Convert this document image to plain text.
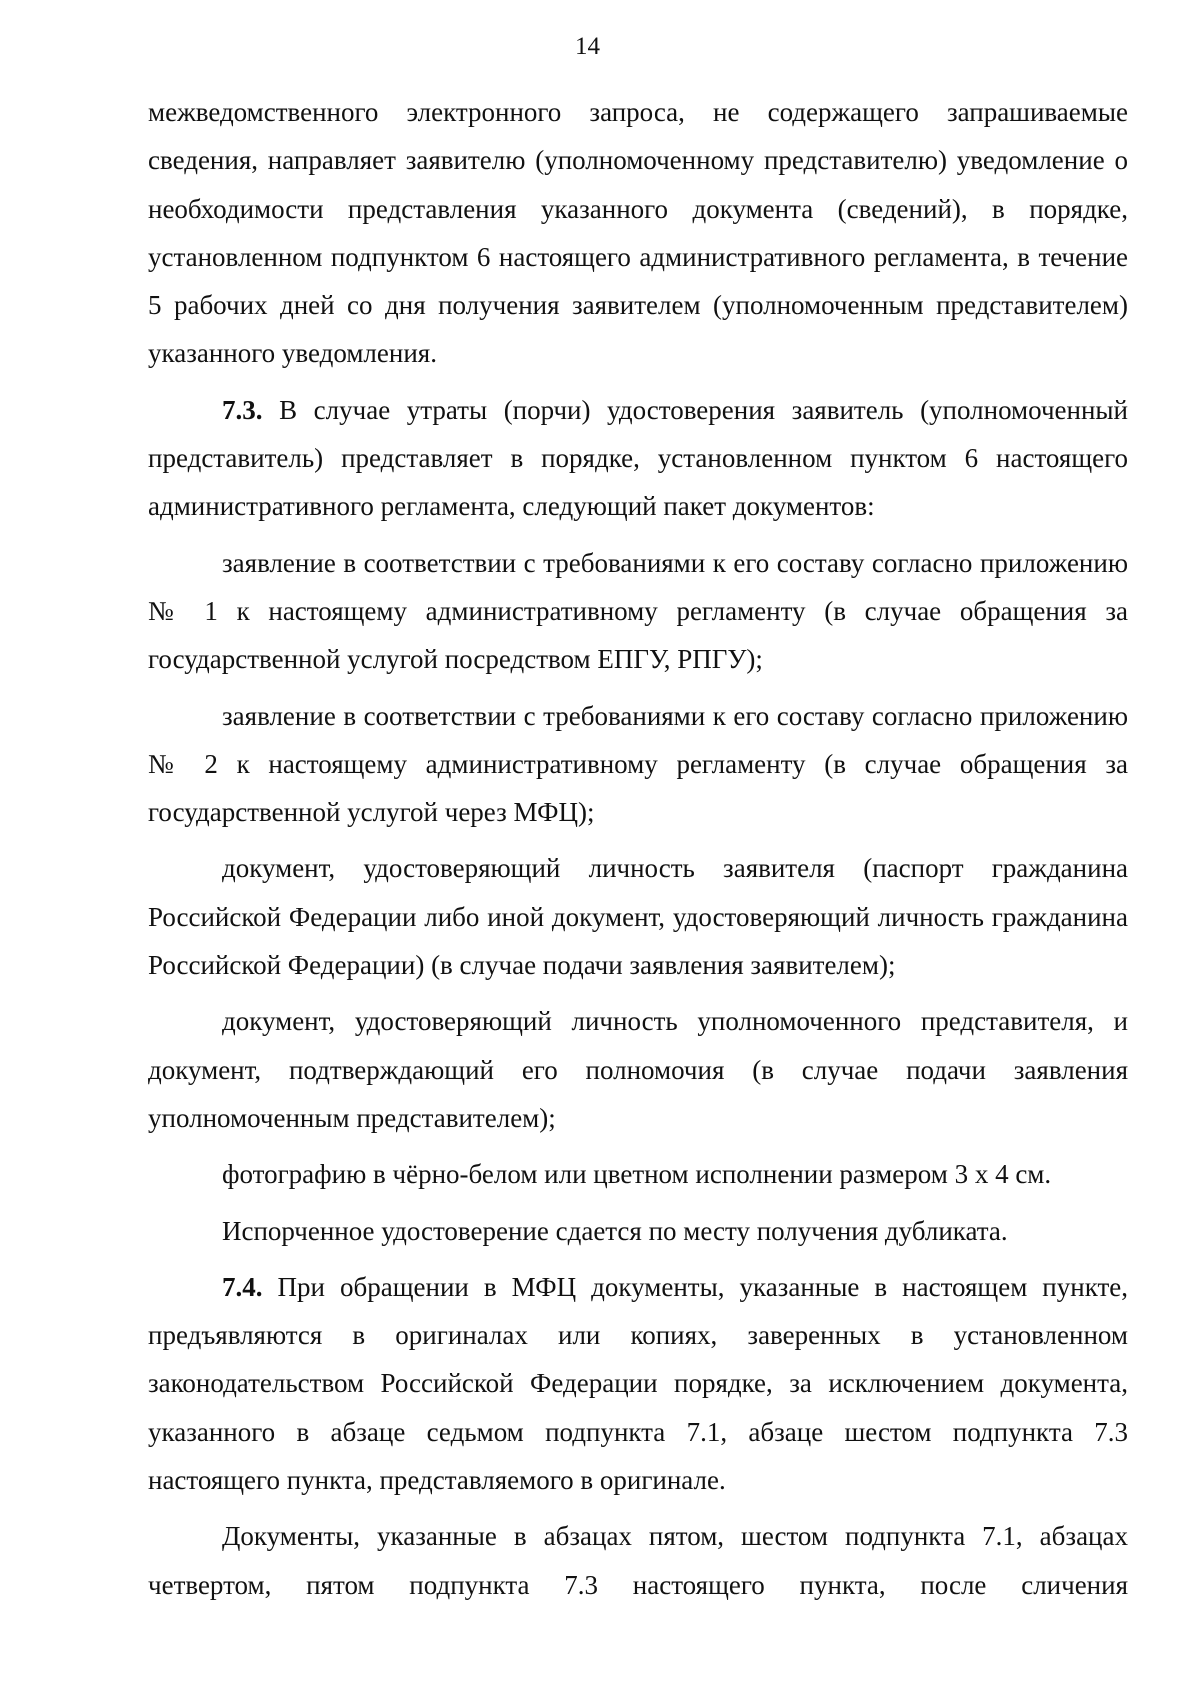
14

межведомственного электронного запроса, не содержащего запрашиваемые сведения, направляет заявителю (уполномоченному представителю) уведомление о необходимости представления указанного документа (сведений), в порядке, установленном подпунктом 6 настоящего административного регламента, в течение 5 рабочих дней со дня получения заявителем (уполномоченным представителем) указанного уведомления.

7.3. В случае утраты (порчи) удостоверения заявитель (уполномоченный представитель) представляет в порядке, установленном пунктом 6 настоящего административного регламента, следующий пакет документов:

заявление в соответствии с требованиями к его составу согласно приложению № 1 к настоящему административному регламенту (в случае обращения за государственной услугой посредством ЕПГУ, РПГУ);

заявление в соответствии с требованиями к его составу согласно приложению № 2 к настоящему административному регламенту (в случае обращения за государственной услугой через МФЦ);

документ, удостоверяющий личность заявителя (паспорт гражданина Российской Федерации либо иной документ, удостоверяющий личность гражданина Российской Федерации) (в случае подачи заявления заявителем);

документ, удостоверяющий личность уполномоченного представителя, и документ, подтверждающий его полномочия (в случае подачи заявления уполномоченным представителем);

фотографию в чёрно-белом или цветном исполнении размером 3 х 4 см.

Испорченное удостоверение сдается по месту получения дубликата.

7.4. При обращении в МФЦ документы, указанные в настоящем пункте, предъявляются в оригиналах или копиях, заверенных в установленном законодательством Российской Федерации порядке, за исключением документа, указанного в абзаце седьмом подпункта 7.1, абзаце шестом подпункта 7.3 настоящего пункта, представляемого в оригинале.

Документы, указанные в абзацах пятом, шестом подпункта 7.1, абзацах четвертом, пятом подпункта 7.3 настоящего пункта, после сличения
